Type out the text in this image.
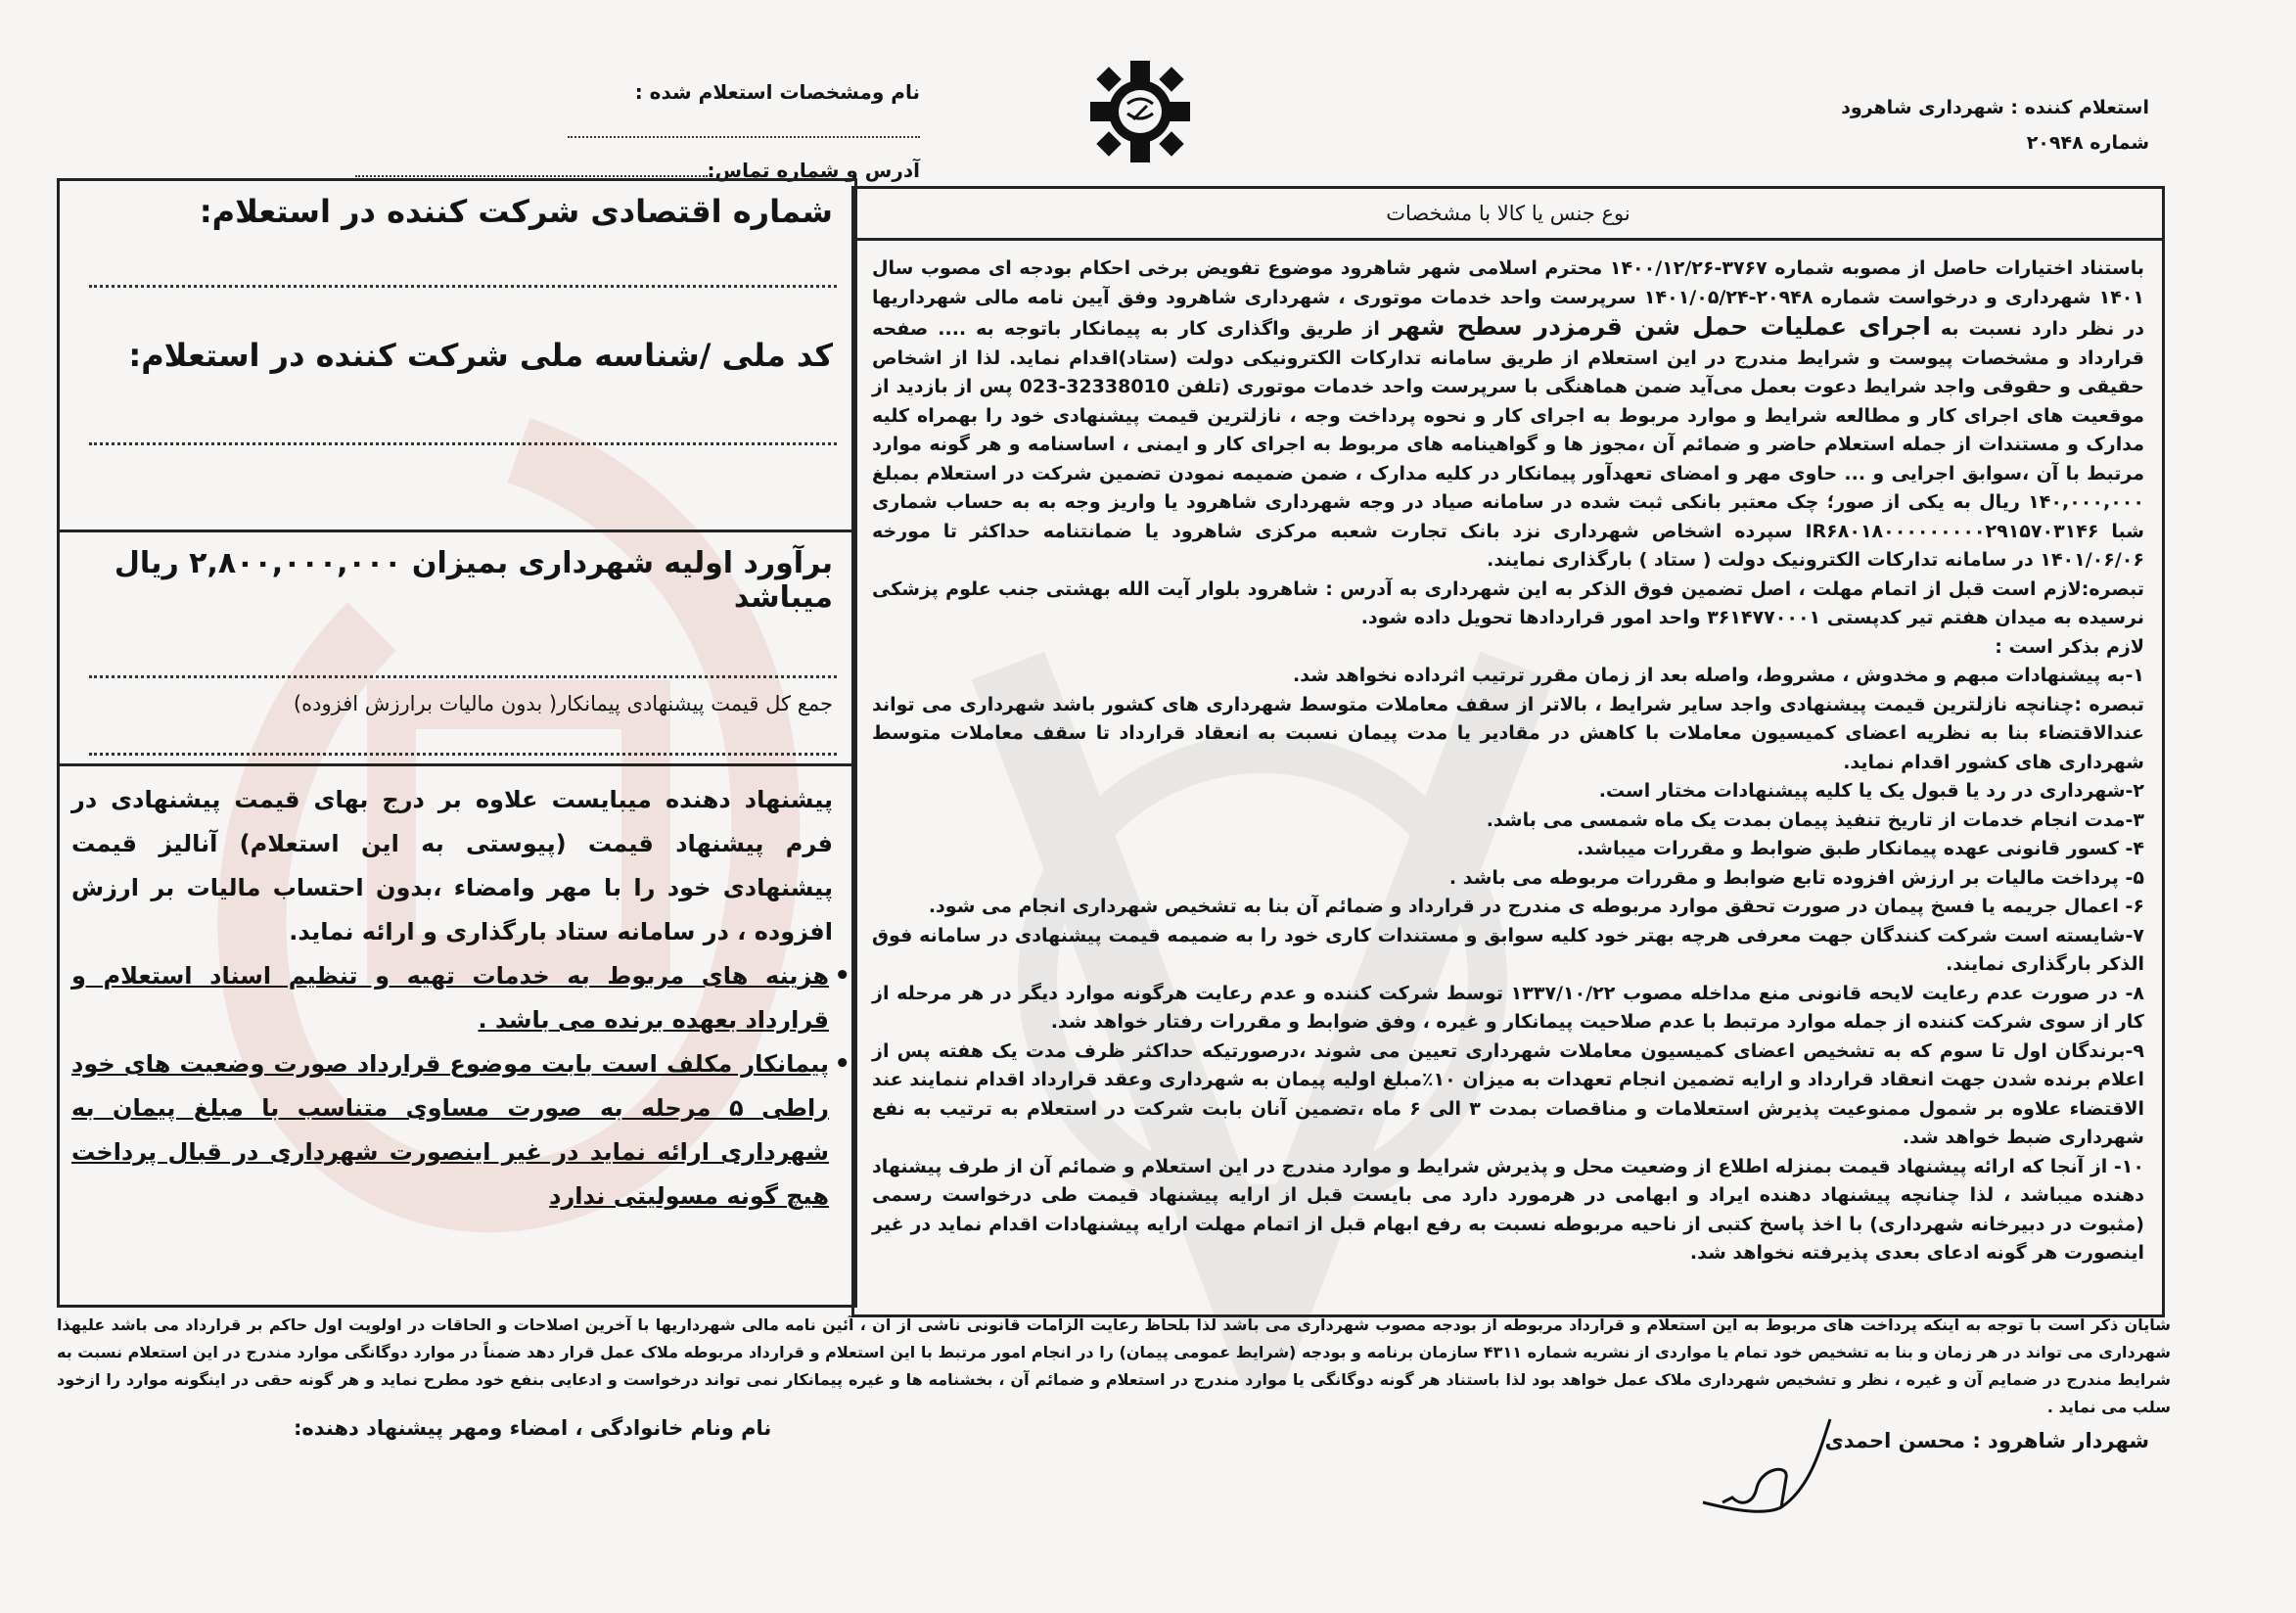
استعلام کننده : شهرداری شاهرود
شماره ۲۰۹۴۸
نام ومشخصات استعلام شده :
آدرس و شماره تماس:
نوع جنس یا کالا با مشخصات

باستناد اختیارات حاصل از مصوبه شماره ۳۷۶۷-۱۴۰۰/۱۲/۲۶ محترم اسلامی شهر شاهرود موضوع تفویض برخی احکام بودجه ای مصوب سال ۱۴۰۱ شهرداری و درخواست شماره ۲۰۹۴۸-۱۴۰۱/۰۵/۲۴ سرپرست واحد خدمات موتوری ، شهرداری شاهرود وفق آیین نامه مالی شهرداریها در نظر دارد نسبت به اجرای عملیات حمل شن قرمزدر سطح شهر از طریق واگذاری کار به پیمانکار باتوجه به .... صفحه قرارداد و مشخصات پیوست و شرایط مندرج در این استعلام از طریق سامانه تدارکات الکترونیکی دولت (ستاد)اقدام نماید. لذا از اشخاص حقیقی و حقوقی واجد شرایط دعوت بعمل می‌آید ضمن هماهنگی با سرپرست واحد خدمات موتوری (تلفن 32338010-023 پس از بازدید از موقعیت های اجرای کار و مطالعه شرایط و موارد مربوط به اجرای کار و نحوه پرداخت وجه ، نازلترین قیمت پیشنهادی خود را بهمراه کلیه مدارک و مستندات از جمله استعلام حاضر و ضمائم آن ،مجوز ها و گواهینامه های مربوط به اجرای کار و ایمنی ، اساسنامه و هر گونه موارد مرتبط با آن ،سوابق اجرایی و ... حاوی مهر و امضای تعهدآور پیمانکار در کلیه مدارک ، ضمن ضمیمه نمودن تضمین شرکت در استعلام بمبلغ ۱۴۰,۰۰۰,۰۰۰ ریال به یکی از صور؛ چک معتبر بانکی ثبت شده در سامانه صیاد در وجه شهرداری شاهرود یا واریز وجه به به حساب شماری شبا IR۶۸۰۱۸۰۰۰۰۰۰۰۰۰۲۹۱۵۷۰۳۱۴۶ سپرده اشخاص شهرداری نزد بانک تجارت شعبه مرکزی شاهرود یا ضمانتنامه حداکثر تا مورخه ۱۴۰۱/۰۶/۰۶ در سامانه تدارکات الکترونیک دولت ( ستاد ) بارگذاری نمایند.

تبصره:لازم است قبل از اتمام مهلت ، اصل تضمین فوق الذکر به این شهرداری به آدرس : شاهرود بلوار آیت الله بهشتی جنب علوم پزشکی نرسیده به میدان هفتم تیر کدپستی ۳۶۱۴۷۷۰۰۰۱ واحد امور قراردادها تحویل داده شود.

لازم بذکر است :

۱-به پیشنهادات مبهم و مخدوش ، مشروط، واصله بعد از زمان مقرر ترتیب اثرداده نخواهد شد.

تبصره :چنانچه نازلترین قیمت پیشنهادی واجد سایر شرایط ، بالاتر از سقف معاملات متوسط شهرداری های کشور باشد شهرداری می تواند عندالاقتضاء بنا به نظریه اعضای کمیسیون معاملات با کاهش در مقادیر یا مدت پیمان نسبت به انعقاد قرارداد تا سقف معاملات متوسط شهرداری های کشور اقدام نماید.

۲-شهرداری در رد یا قبول یک یا کلیه پیشنهادات مختار است.

۳-مدت انجام خدمات از تاریخ تنفیذ پیمان بمدت یک ماه شمسی می باشد.

۴- کسور قانونی عهده پیمانکار طبق ضوابط و مقررات میباشد.

۵- پرداخت مالیات بر ارزش افزوده تابع ضوابط و مقررات مربوطه می باشد .

۶- اعمال جریمه یا فسخ پیمان در صورت تحقق موارد مربوطه ی مندرج در قرارداد و ضمائم آن بنا به تشخیص شهرداری انجام می شود.

۷-شایسته است شرکت کنندگان جهت معرفی هرچه بهتر خود کلیه سوابق و مستندات کاری خود را به ضمیمه قیمت پیشنهادی در سامانه فوق الذکر بارگذاری نمایند.

۸- در صورت عدم رعایت لایحه قانونی منع مداخله مصوب ۱۳۳۷/۱۰/۲۲ توسط شرکت کننده و عدم رعایت هرگونه موارد دیگر در هر مرحله از کار از سوی شرکت کننده از جمله موارد مرتبط با عدم صلاحیت پیمانکار و غیره ، وفق ضوابط و مقررات رفتار خواهد شد.

۹-برندگان اول تا سوم که به تشخیص اعضای کمیسیون معاملات شهرداری تعیین می شوند ،درصورتیکه حداکثر ظرف مدت یک هفته پس از اعلام برنده شدن جهت انعقاد قرارداد و ارایه تضمین انجام تعهدات به میزان ۱۰٪مبلغ اولیه پیمان به شهرداری وعقد قرارداد اقدام ننمایند عند الاقتضاء علاوه بر شمول ممنوعیت پذیرش استعلامات و مناقصات بمدت ۳ الی ۶ ماه ،تضمین آنان بابت شرکت در استعلام به ترتیب به نفع شهرداری ضبط خواهد شد.

۱۰- از آنجا که ارائه پیشنهاد قیمت بمنزله اطلاع از وضعیت محل و پذیرش شرایط و موارد مندرج در این استعلام و ضمائم آن از طرف پیشنهاد دهنده میباشد ، لذا چنانچه پیشنهاد دهنده ایراد و ابهامی در هرمورد دارد می بایست قبل از ارایه پیشنهاد قیمت طی درخواست رسمی (مثبوت در دبیرخانه شهرداری) با اخذ پاسخ کتبی از ناحیه مربوطه نسبت به رفع ابهام قبل از اتمام مهلت ارایه پیشنهادات اقدام نماید در غیر اینصورت هر گونه ادعای بعدی پذیرفته نخواهد شد.

شماره اقتصادی شرکت کننده در استعلام:
کد ملی /شناسه ملی شرکت کننده در استعلام:
برآورد اولیه شهرداری بمیزان ۲,۸۰۰,۰۰۰,۰۰۰ ریال میباشد
جمع کل قیمت پیشنهادی پیمانکار( بدون مالیات برارزش افزوده)

پیشنهاد دهنده میبایست علاوه بر درج بهای قیمت پیشنهادی در فرم پیشنهاد قیمت (پیوستی به این استعلام) آنالیز قیمت پیشنهادی خود را با مهر وامضاء ،بدون احتساب مالیات بر ارزش افزوده ، در سامانه ستاد بارگذاری و ارائه نماید.

• هزینه های مربوط به خدمات تهیه و تنظیم اسناد استعلام و قرارداد بعهده برنده می باشد .

• پیمانکار مکلف است بابت موضوع قرارداد صورت وضعیت های خود راطی ۵ مرحله به صورت مساوی متناسب با مبلغ پیمان به شهرداری ارائه نماید در غیر اینصورت شهرداری در قبال پرداخت هیچ گونه مسولیتی ندارد

شایان ذکر است با توجه به اینکه پرداخت های مربوط به این استعلام و قرارداد مربوطه از بودجه مصوب شهرداری می باشد لذا بلحاظ رعایت الزامات قانونی ناشی از آن ، آئین نامه مالی شهرداریها با آخرین اصلاحات و الحاقات در اولویت اول حاکم بر قرارداد می باشد علیهذا شهرداری می تواند در هر زمان و بنا به تشخیص خود تمام یا مواردی از نشریه شماره ۴۳۱۱ سازمان برنامه و بودجه (شرایط عمومی پیمان) را در انجام امور مرتبط با این استعلام و قرارداد مربوطه ملاک عمل قرار دهد ضمناً در موارد دوگانگی موارد مندرج در این استعلام نسبت به شرایط مندرج در ضمایم آن و غیره ، نظر و تشخیص شهرداری ملاک عمل خواهد بود لذا باستناد هر گونه دوگانگی یا موارد مندرج در استعلام و ضمائم آن ، بخشنامه ها و غیره پیمانکار نمی تواند درخواست و ادعایی بنفع خود مطرح نماید و هر گونه حقی در اینگونه موارد را ازخود سلب می نماید .
شهردار شاهرود : محسن احمدی
نام ونام خانوادگی ، امضاء ومهر پیشنهاد دهنده:
